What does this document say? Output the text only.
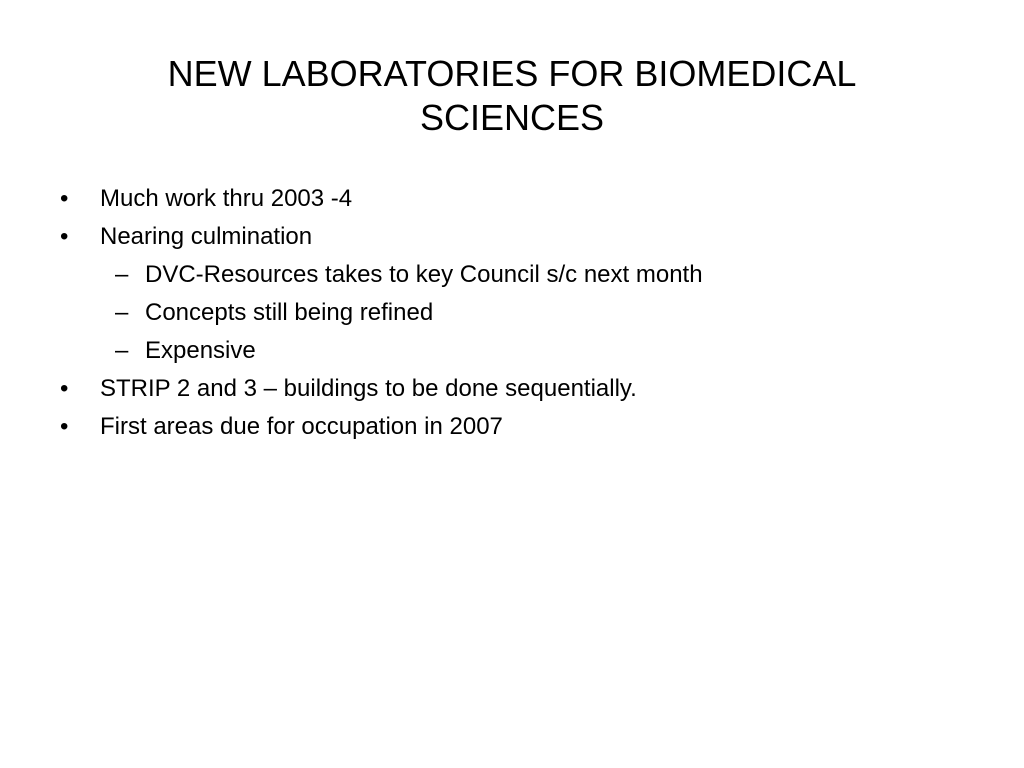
NEW LABORATORIES FOR BIOMEDICAL SCIENCES
• Much work thru 2003 -4
• Nearing culmination
– DVC-Resources takes to key Council s/c next month
– Concepts still being refined
– Expensive
• STRIP 2 and 3 – buildings to be done sequentially.
• First areas due for occupation in 2007
